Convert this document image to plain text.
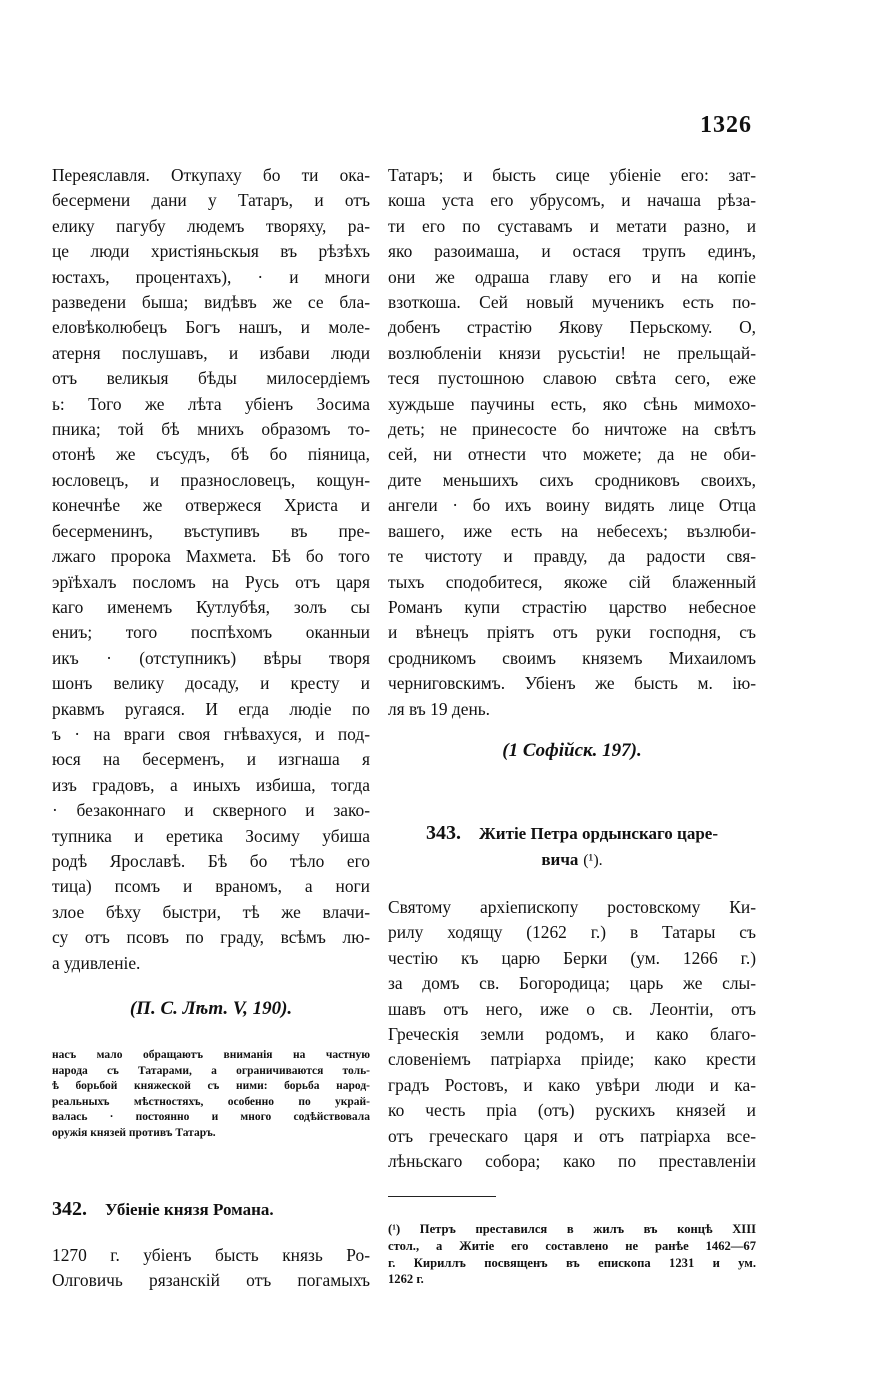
1326
Переяславля. Откупаху бо ти ока-
бесермени дани у Татаръ, и отъ
елику пагубу людемъ творяху, ра-
це люди христіяньскыя въ рѣзѣхъ
юстахъ, процентахъ), · и многи
разведени быша; видѣвъ же се бла-
еловѣколюбецъ Богъ нашъ, и моле-
атерня послушавъ, и избави люди
отъ великыя бѣды милосердіемъ
ь: Того же лѣта убіенъ Зосима
пника; той бѣ мнихъ образомъ то-
отонѣ же съсудъ, бѣ бо піяница,
юсловецъ, и празнословецъ, кощун-
конечнѣе же отвержеся Христа и
бесерменинъ, въступивъ въ пре-
лжаго пророка Махмета. Бѣ бо того
эрїѣхалъ посломъ на Русь отъ царя
каго именемъ Кутлубѣя, золъ сы
ениъ; того поспѣхомъ оканныи
икъ · (отступникъ) вѣры творя
шонъ велику досаду, и кресту и
ркавмъ ругаяся. И егда людіе по
ъ · на враги своя гнѣвахуся, и под-
юся на бесерменъ, и изгнаша я
изъ градовъ, а иныхъ избиша, тогда
· безаконнаго и скверного и зако-
тупника и еретика Зосиму убиша
родѣ Ярославѣ. Бѣ бо тѣло его
тица) псомъ и враномъ, а ноги
злое бѣху быстри, тѣ же влачи-
су отъ псовъ по граду, всѣмъ лю-
а удивленіе.
(П. С. Лѣт. V, 190).
насъ мало обращаютъ вниманія на частную
народа съ Татарами, а ограничиваются толь-
ѣ борьбой княжеской съ ними: борьба народ-
реальныхъ мѣстностяхъ, особенно по украй-
валась · постоянно и много содѣйствовала
оружія князей противъ Татаръ.
342. Убіеніе князя Романа.
1270 г. убіенъ бысть князь Ро-
Олговичь рязанскій отъ погамыхъ
Татаръ; и бысть сице убіеніе его: зат-
коша уста его убрусомъ, и начаша рѣза-
ти его по суставамъ и метати разно, и
яко разоимаша, и остася трупъ единъ,
они же одраша главу его и на копіе
взоткоша. Сей новый мученикъ есть по-
добенъ страстію Якову Перьскому. О,
возлюбленіи князи русьстіи! не прельщай-
теся пустошною славою свѣта сего, еже
хуждьше паучины есть, яко сѣнь мимохо-
деть; не принесосте бо ничтоже на свѣтъ
сей, ни отнести что можете; да не оби-
дите меньшихъ сихъ сродниковъ своихъ,
ангели · бо ихъ воину видять лице Отца
вашего, иже есть на небесехъ; възлюби-
те чистоту и правду, да радости свя-
тыхъ сподобитеся, якоже сій блаженный
Романъ купи страстію царство небесное
и вѣнецъ пріятъ отъ руки господня, съ
сродникомъ своимъ княземъ Михаиломъ
черниговскимъ. Убіенъ же бысть м. ію-
ля въ 19 день.
(1 Софійск. 197).
343. Житіе Петра ордынскаго царе-
вича (¹).
Святому архіепископу ростовскому Ки-
рилу ходящу (1262 г.) в Татары съ
честію къ царю Берки (ум. 1266 г.)
за домъ св. Богородица; царь же слы-
шавъ отъ него, иже о св. Леонтіи, отъ
Греческія земли родомъ, и како благо-
словеніемъ патріарха пріиде; како крести
градъ Ростовъ, и како увѣри люди и ка-
ко честь пріа (отъ) рускихъ князей и
отъ греческаго царя и отъ патріарха все-
лѣньскаго собора; како по преставленіи
(¹) Петръ преставился в жилъ въ концѣ XIII
стол., а Житіе его составлено не ранѣе 1462—67
г. Кириллъ посвященъ въ епископа 1231 и ум.
1262 г.
